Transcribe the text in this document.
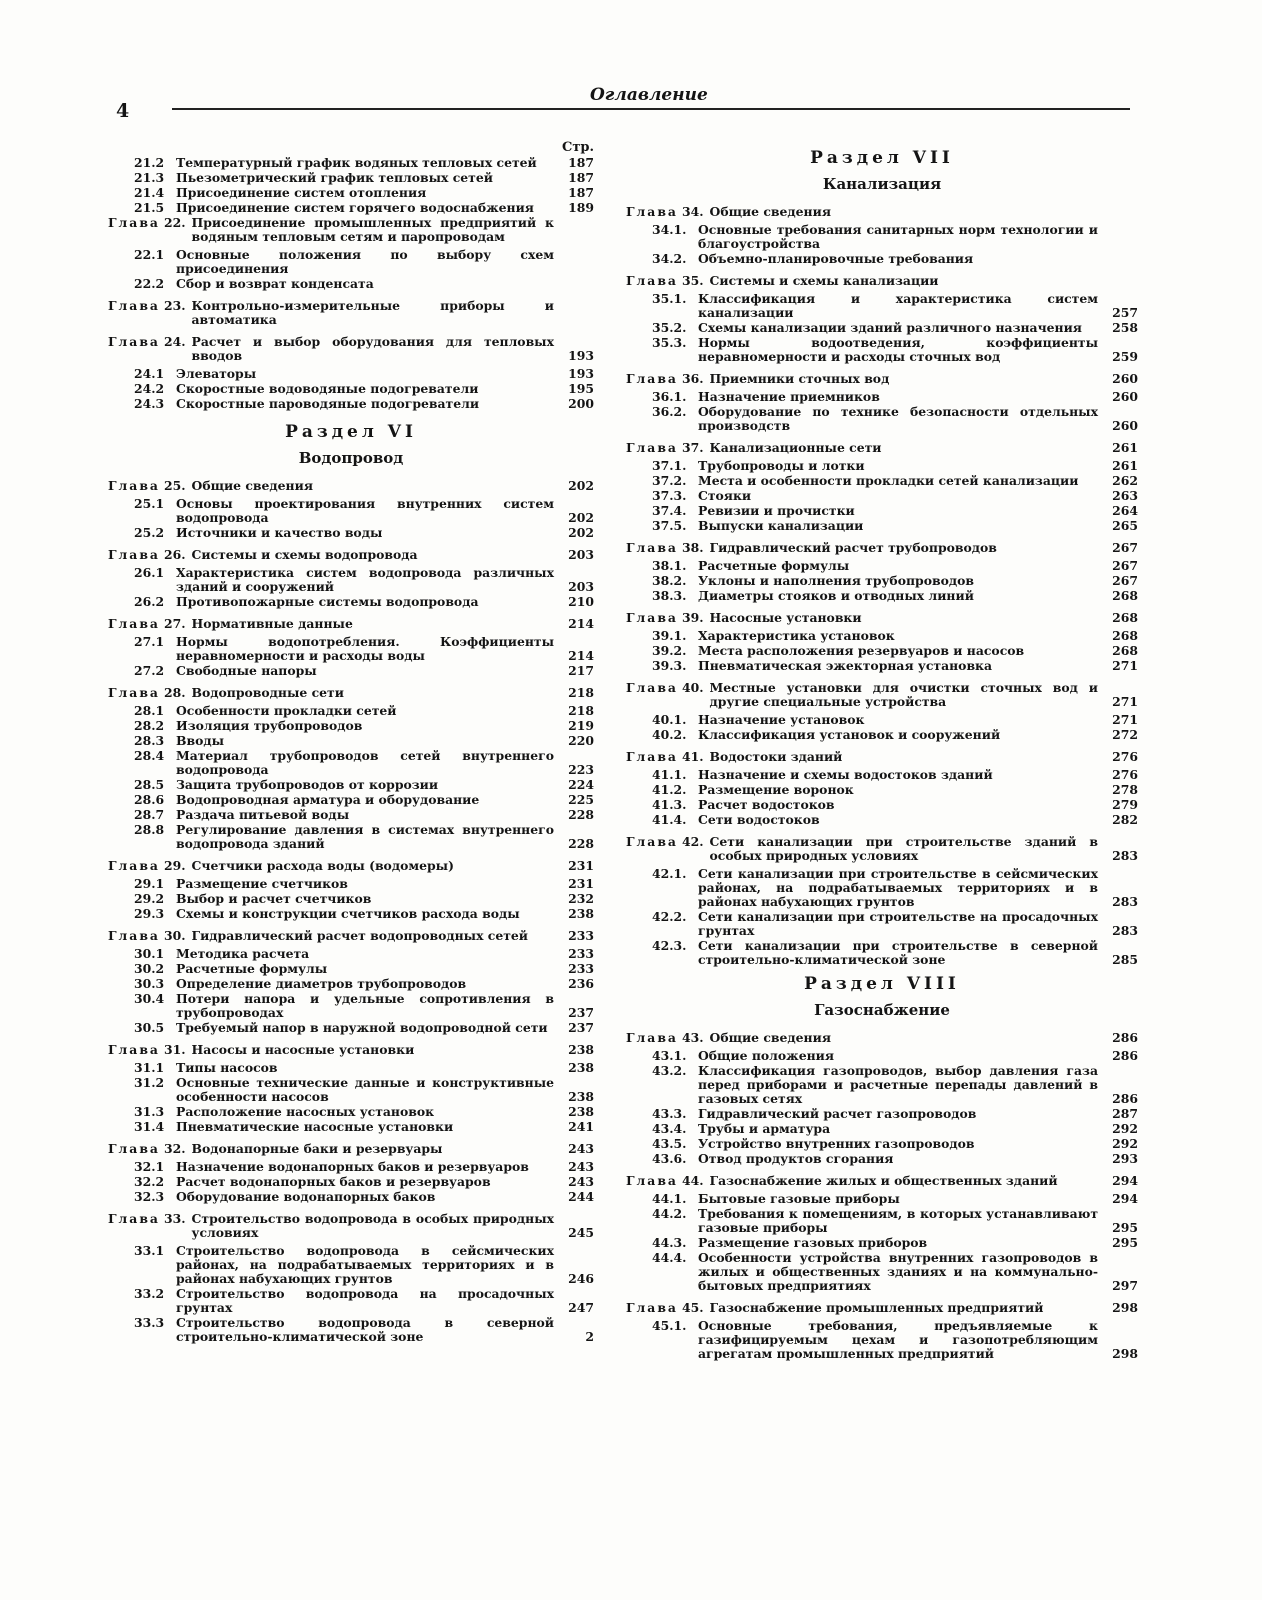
4
Оглавление
Стр.
21.2 Температурный график водяных тепловых сетей	187
21.3 Пьезометрический график тепловых сетей	187
21.4 Присоединение систем отопления	187
21.5 Присоединение систем горячего водоснабжения	189
Глава 22. Присоединение промышленных предприятий к водяным тепловым сетям и паропроводам
22.1 Основные положения по выбору схем присоединения
22.2 Сбор и возврат конденсата
Глава 23. Контрольно-измерительные приборы и автоматика
Глава 24. Расчет и выбор оборудования для тепловых вводов	193
24.1 Элеваторы	193
24.2 Скоростные водоводяные подогреватели	195
24.3 Скоростные пароводяные подогреватели	200
Раздел VI
Водопровод
Глава 25. Общие сведения	202
25.1 Основы проектирования внутренних систем водопровода	202
25.2 Источники и качество воды	202
Глава 26. Системы и схемы водопровода	203
26.1 Характеристика систем водопровода различных зданий и сооружений	203
26.2 Противопожарные системы водопровода	210
Глава 27. Нормативные данные	214
27.1 Нормы водопотребления. Коэффициенты неравномерности и расходы воды	214
27.2 Свободные напоры	217
Глава 28. Водопроводные сети	218
28.1 Особенности прокладки сетей	218
28.2 Изоляция трубопроводов	219
28.3 Вводы	220
28.4 Материал трубопроводов сетей внутреннего водопровода	223
28.5 Защита трубопроводов от коррозии	224
28.6 Водопроводная арматура и оборудование	225
28.7 Раздача питьевой воды	228
28.8 Регулирование давления в системах внутреннего водопровода зданий	228
Глава 29. Счетчики расхода воды (водомеры)	231
29.1 Размещение счетчиков	231
29.2 Выбор и расчет счетчиков	232
29.3 Схемы и конструкции счетчиков расхода воды	238
Глава 30. Гидравлический расчет водопроводных сетей	233
30.1 Методика расчета	233
30.2 Расчетные формулы	233
30.3 Определение диаметров трубопроводов	236
30.4 Потери напора и удельные сопротивления в трубопроводах	237
30.5 Требуемый напор в наружной водопроводной сети	237
Глава 31. Насосы и насосные установки	238
31.1 Типы насосов	238
31.2 Основные технические данные и конструктивные особенности насосов	238
31.3 Расположение насосных установок	238
31.4 Пневматические насосные установки	241
Глава 32. Водонапорные баки и резервуары	243
32.1 Назначение водонапорных баков и резервуаров	243
32.2 Расчет водонапорных баков и резервуаров	243
32.3 Оборудование водонапорных баков	244
Глава 33. Строительство водопровода в особых природных условиях	245
33.1 Строительство водопровода в сейсмических районах, на подрабатываемых территориях и в районах набухающих грунтов	246
33.2 Строительство водопровода на просадочных грунтах	247
33.3 Строительство водопровода в северной строительно-климатической зоне	2
Раздел VII
Канализация
Глава 34. Общие сведения
34.1. Основные требования санитарных норм технологии и благоустройства
34.2. Объемно-планировочные требования
Глава 35. Системы и схемы канализации
35.1. Классификация и характеристика систем канализации	257
35.2. Схемы канализации зданий различного назначения	258
35.3. Нормы водоотведения, коэффициенты неравномерности и расходы сточных вод	259
Глава 36. Приемники сточных вод	260
36.1. Назначение приемников	260
36.2. Оборудование по технике безопасности отдельных производств	260
Глава 37. Канализационные сети	261
37.1. Трубопроводы и лотки	261
37.2. Места и особенности прокладки сетей канализации	262
37.3. Стояки	263
37.4. Ревизии и прочистки	264
37.5. Выпуски канализации	265
Глава 38. Гидравлический расчет трубопроводов	267
38.1. Расчетные формулы	267
38.2. Уклоны и наполнения трубопроводов	267
38.3. Диаметры стояков и отводных линий	268
Глава 39. Насосные установки	268
39.1. Характеристика установок	268
39.2. Места расположения резервуаров и насосов	268
39.3. Пневматическая эжекторная установка	271
Глава 40. Местные установки для очистки сточных вод и другие специальные устройства	271
40.1. Назначение установок	271
40.2. Классификация установок и сооружений	272
Глава 41. Водостоки зданий	276
41.1. Назначение и схемы водостоков зданий	276
41.2. Размещение воронок	278
41.3. Расчет водостоков	279
41.4. Сети водостоков	282
Глава 42. Сети канализации при строительстве зданий в особых природных условиях	283
42.1. Сети канализации при строительстве в сейсмических районах, на подрабатываемых территориях и в районах набухающих грунтов	283
42.2. Сети канализации при строительстве на просадочных грунтах	283
42.3. Сети канализации при строительстве в северной строительно-климатической зоне	285
Раздел VIII
Газоснабжение
Глава 43. Общие сведения	286
43.1. Общие положения	286
43.2. Классификация газопроводов, выбор давления газа перед приборами и расчетные перепады давлений в газовых сетях	286
43.3. Гидравлический расчет газопроводов	287
43.4. Трубы и арматура	292
43.5. Устройство внутренних газопроводов	292
43.6. Отвод продуктов сгорания	293
Глава 44. Газоснабжение жилых и общественных зданий	294
44.1. Бытовые газовые приборы	294
44.2. Требования к помещениям, в которых устанавливают газовые приборы	295
44.3. Размещение газовых приборов	295
44.4. Особенности устройства внутренних газопроводов в жилых и общественных зданиях и на коммунально-бытовых предприятиях	297
Глава 45. Газоснабжение промышленных предприятий	298
45.1. Основные требования, предъявляемые к газифицируемым цехам и газопотребляющим агрегатам промышленных предприятий	298
